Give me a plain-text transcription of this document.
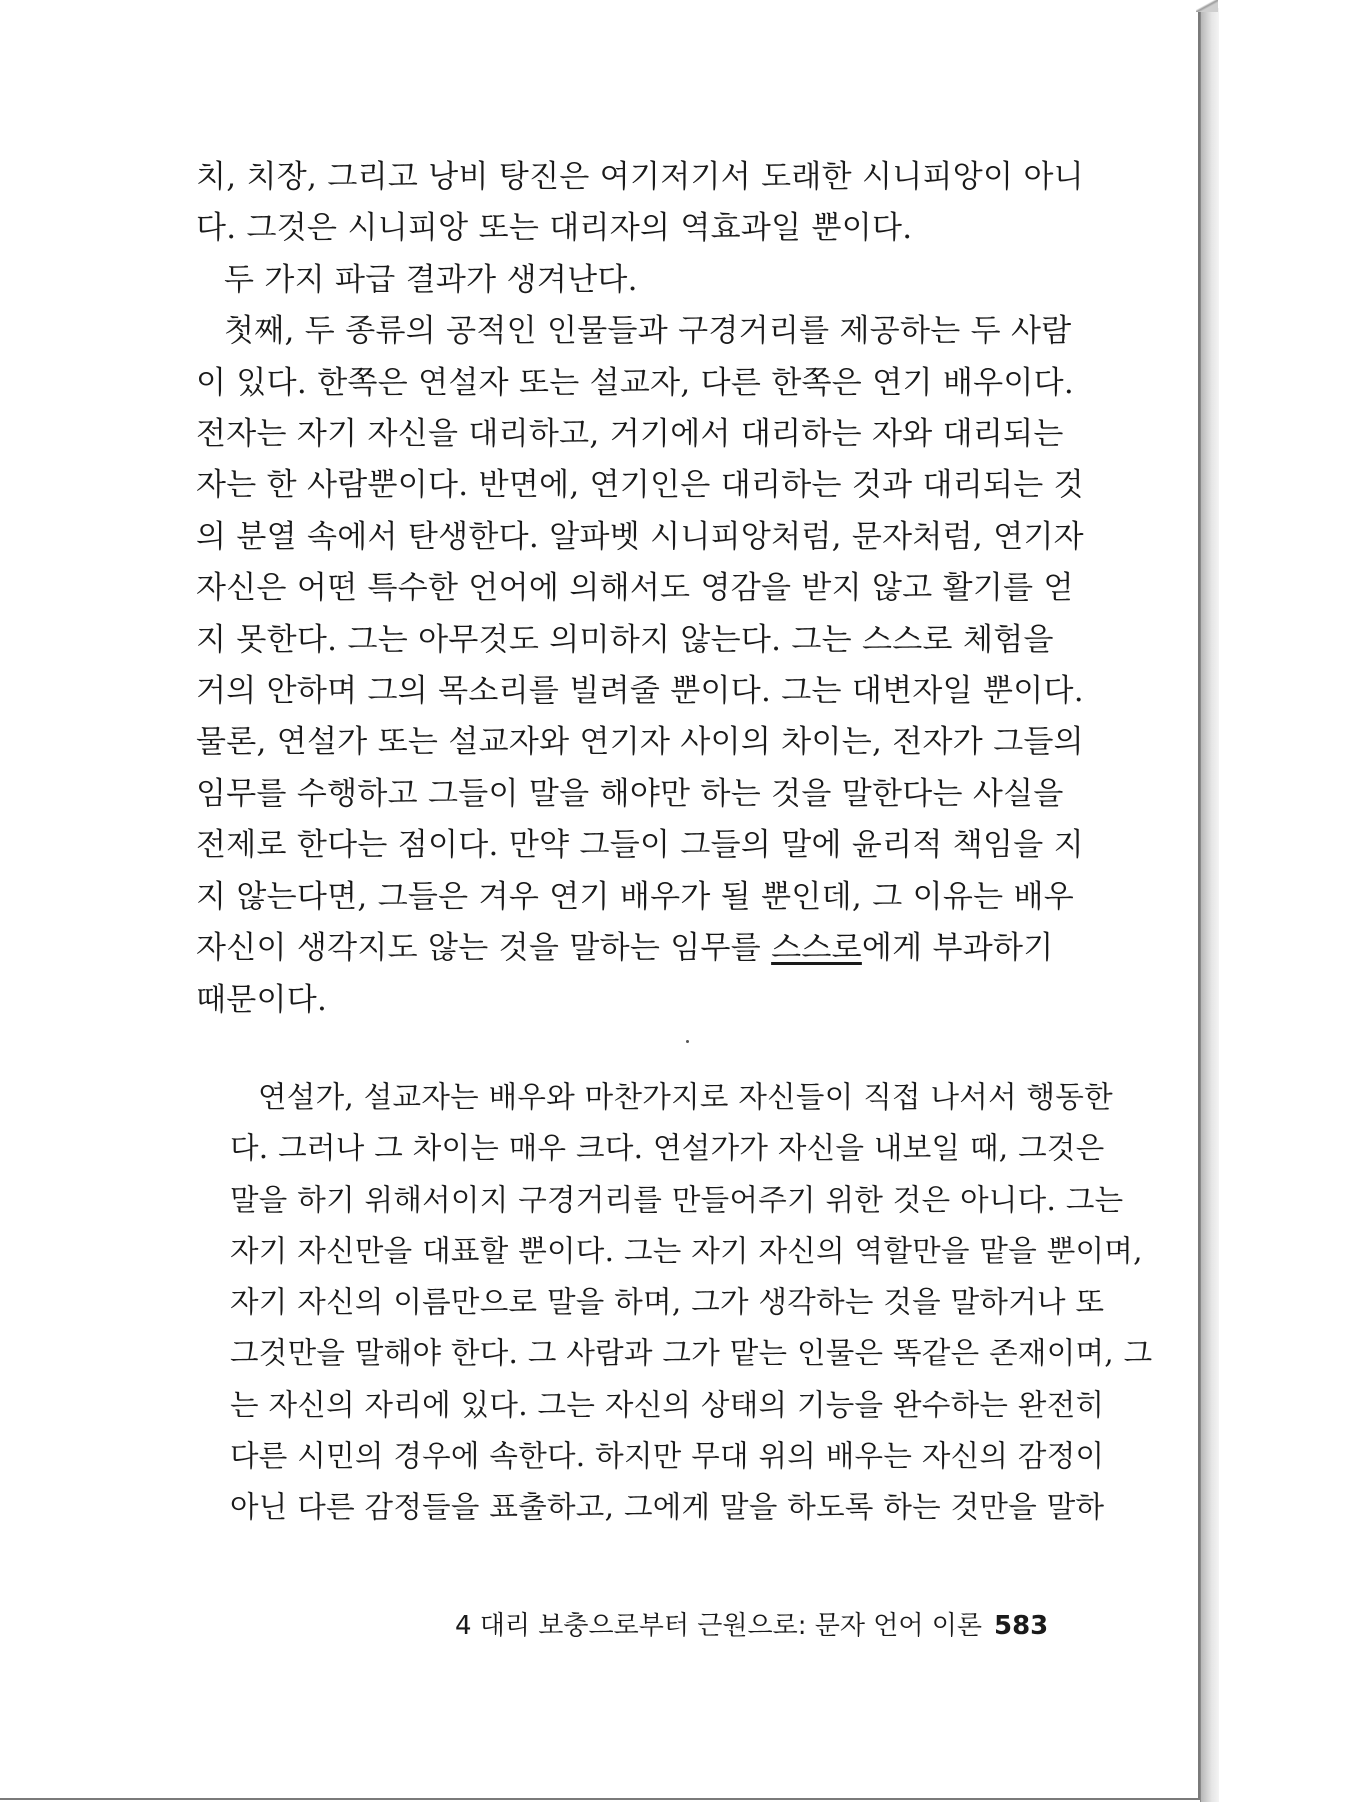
치, 치장, 그리고 낭비 탕진은 여기저기서 도래한 시니피앙이 아니
다. 그것은 시니피앙 또는 대리자의 역효과일 뿐이다.
두 가지 파급 결과가 생겨난다.
첫째, 두 종류의 공적인 인물들과 구경거리를 제공하는 두 사람
이 있다. 한쪽은 연설자 또는 설교자, 다른 한쪽은 연기 배우이다.
전자는 자기 자신을 대리하고, 거기에서 대리하는 자와 대리되는
자는 한 사람뿐이다. 반면에, 연기인은 대리하는 것과 대리되는 것
의 분열 속에서 탄생한다. 알파벳 시니피앙처럼, 문자처럼, 연기자
자신은 어떤 특수한 언어에 의해서도 영감을 받지 않고 활기를 얻
지 못한다. 그는 아무것도 의미하지 않는다. 그는 스스로 체험을
거의 안하며 그의 목소리를 빌려줄 뿐이다. 그는 대변자일 뿐이다.
물론, 연설가 또는 설교자와 연기자 사이의 차이는, 전자가 그들의
임무를 수행하고 그들이 말을 해야만 하는 것을 말한다는 사실을
전제로 한다는 점이다. 만약 그들이 그들의 말에 윤리적 책임을 지
지 않는다면, 그들은 겨우 연기 배우가 될 뿐인데, 그 이유는 배우
자신이 생각지도 않는 것을 말하는 임무를 스스로에게 부과하기
때문이다.
연설가, 설교자는 배우와 마찬가지로 자신들이 직접 나서서 행동한
다. 그러나 그 차이는 매우 크다. 연설가가 자신을 내보일 때, 그것은
말을 하기 위해서이지 구경거리를 만들어주기 위한 것은 아니다. 그는
자기 자신만을 대표할 뿐이다. 그는 자기 자신의 역할만을 맡을 뿐이며,
자기 자신의 이름만으로 말을 하며, 그가 생각하는 것을 말하거나 또
그것만을 말해야 한다. 그 사람과 그가 맡는 인물은 똑같은 존재이며, 그
는 자신의 자리에 있다. 그는 자신의 상태의 기능을 완수하는 완전히
다른 시민의 경우에 속한다. 하지만 무대 위의 배우는 자신의 감정이
아닌 다른 감정들을 표출하고, 그에게 말을 하도록 하는 것만을 말하
4 대리 보충으로부터 근원으로: 문자 언어 이론 583
